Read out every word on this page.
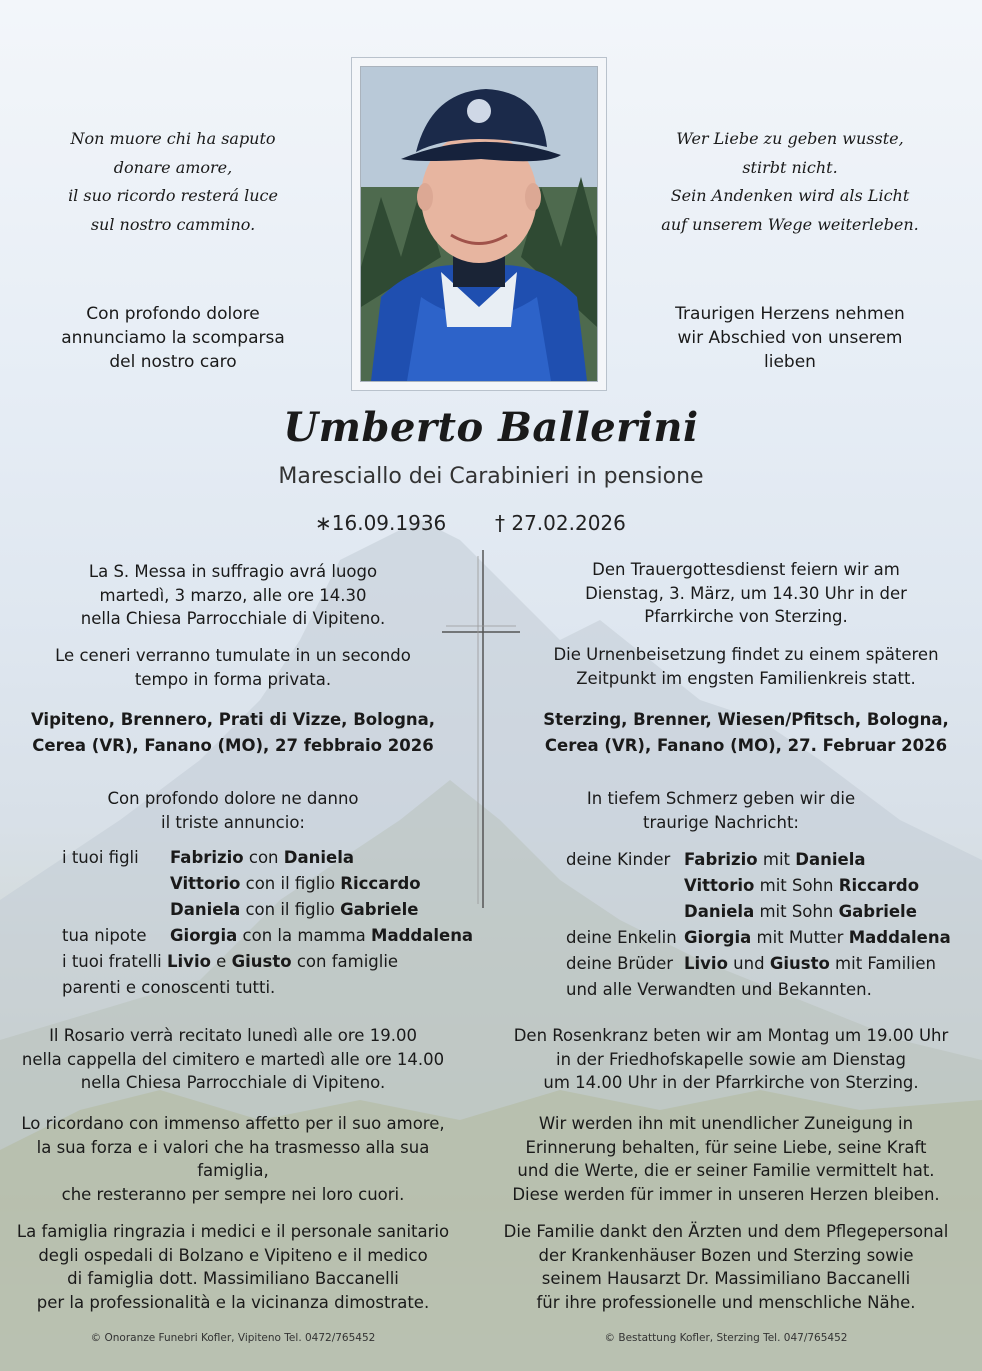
Non muore chi ha saputo
donare amore,
il suo ricordo resterá luce
sul nostro cammino.
Wer Liebe zu geben wusste,
stirbt nicht.
Sein Andenken wird als Licht
auf unserem Wege weiterleben.
Con profondo dolore
annunciamo la scomparsa
del nostro caro
Traurigen Herzens nehmen
wir Abschied von unserem
lieben
Umberto Ballerini
Maresciallo dei Carabinieri in pensione
∗16.09.1936	† 27.02.2026
La S. Messa in suffragio avrá luogo
martedì, 3 marzo, alle ore 14.30
nella Chiesa Parrocchiale di Vipiteno.
Le ceneri verranno tumulate in un secondo
tempo in forma privata.
Vipiteno, Brennero, Prati di Vizze, Bologna,
Cerea (VR), Fanano (MO), 27 febbraio 2026
Con profondo dolore ne danno
il triste annuncio:
i tuoi figli	Fabrizio con Daniela
	Vittorio con il figlio Riccardo
	Daniela con il figlio Gabriele
tua nipote	Giorgia con la mamma Maddalena
i tuoi fratelli Livio e Giusto con famiglie	
parenti e conoscenti tutti.	
Il Rosario verrà recitato lunedì alle ore 19.00
nella cappella del cimitero e martedì alle ore 14.00
nella Chiesa Parrocchiale di Vipiteno.
Lo ricordano con immenso affetto per il suo amore,
la sua forza e i valori che ha trasmesso alla sua famiglia,
che resteranno per sempre nei loro cuori.
La famiglia ringrazia i medici e il personale sanitario
degli ospedali di Bolzano e Vipiteno e il medico
di famiglia dott. Massimiliano Baccanelli
per la professionalità e la vicinanza dimostrate.
© Onoranze Funebri Kofler, Vipiteno Tel. 0472/765452
Den Trauergottesdienst feiern wir am
Dienstag, 3. März, um 14.30 Uhr in der
Pfarrkirche von Sterzing.
Die Urnenbeisetzung findet zu einem späteren
Zeitpunkt im engsten Familienkreis statt.
Sterzing, Brenner, Wiesen/Pfitsch, Bologna,
Cerea (VR), Fanano (MO), 27. Februar 2026
In tiefem Schmerz geben wir die
traurige Nachricht:
deine Kinder	Fabrizio mit Daniela
	Vittorio mit Sohn Riccardo
	Daniela mit Sohn Gabriele
deine Enkelin	Giorgia mit Mutter Maddalena
deine Brüder	Livio und Giusto mit Familien
und alle Verwandten und Bekannten.	
Den Rosenkranz beten wir am Montag um 19.00 Uhr
in der Friedhofskapelle sowie am Dienstag
um 14.00 Uhr in der Pfarrkirche von Sterzing.
Wir werden ihn mit unendlicher Zuneigung in
Erinnerung behalten, für seine Liebe, seine Kraft
und die Werte, die er seiner Familie vermittelt hat.
Diese werden für immer in unseren Herzen bleiben.
Die Familie dankt den Ärzten und dem Pflegepersonal
der Krankenhäuser Bozen und Sterzing sowie
seinem Hausarzt Dr. Massimiliano Baccanelli
für ihre professionelle und menschliche Nähe.
© Bestattung Kofler, Sterzing Tel. 047/765452
